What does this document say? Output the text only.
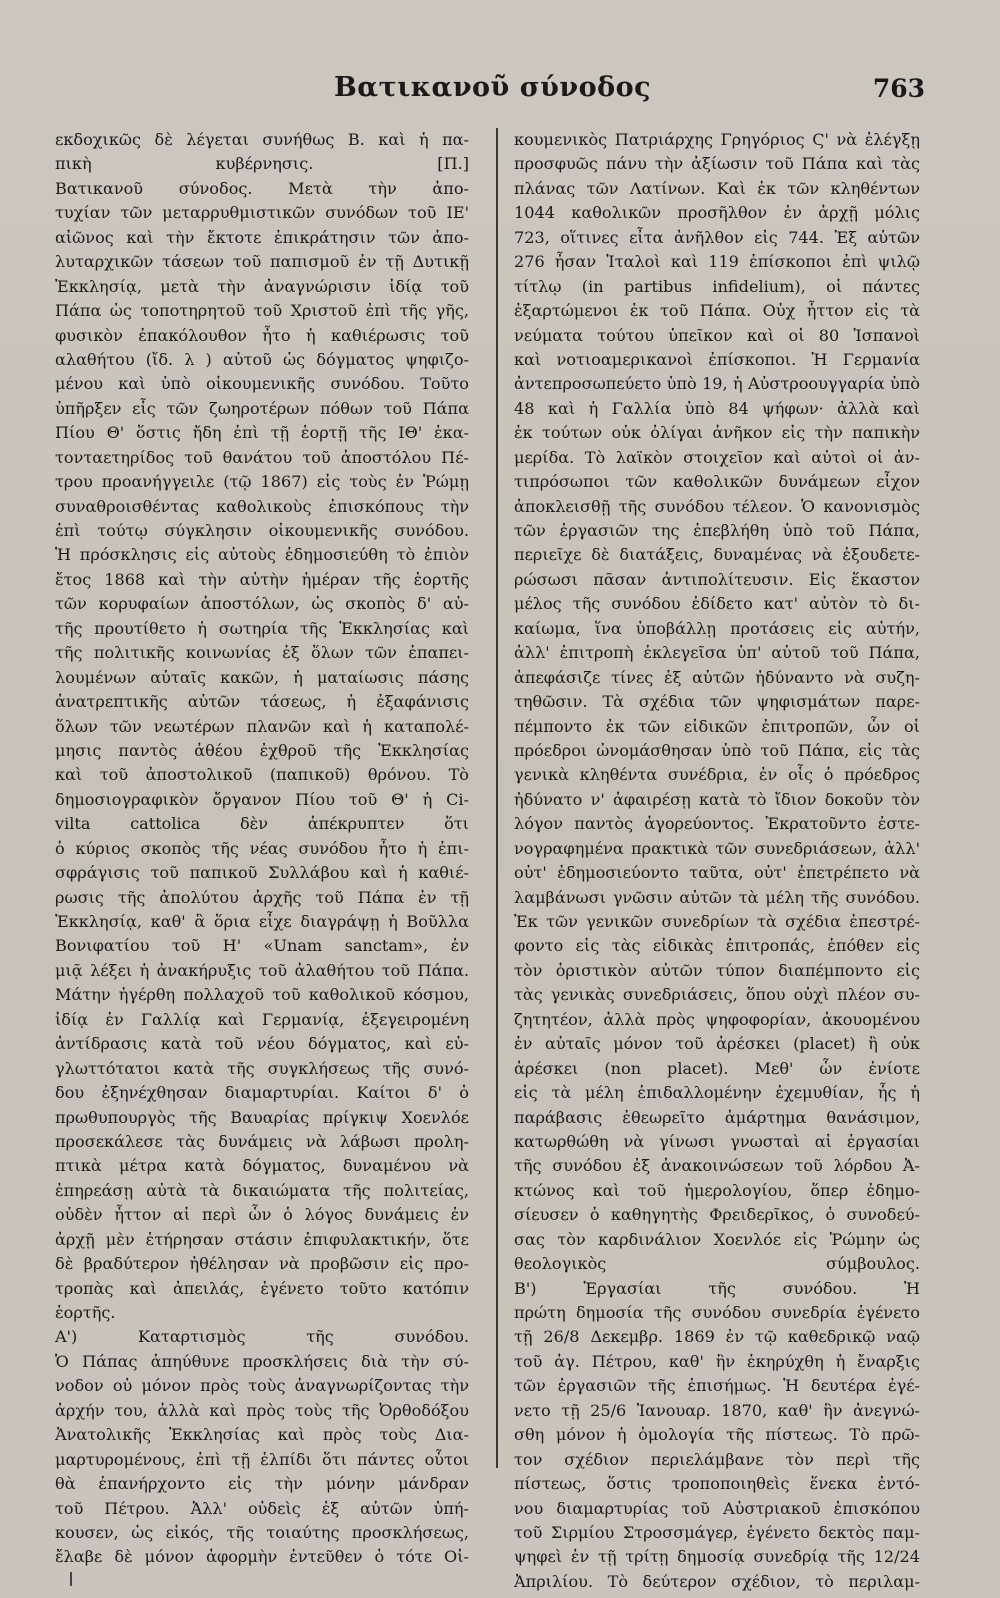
Βατικανοῦ σύνοδος	763
εκδοχικῶς δὲ λέγεται συνήθως Β. καὶ ἡ πα-
πικὴ κυβέρνησις. [Π.]
Βατικανοῦ σύνοδος. Μετὰ τὴν ἀπο-
τυχίαν τῶν μεταρρυθμιστικῶν συνόδων τοῦ ΙΕ'
αἰῶνος καὶ τὴν ἔκτοτε ἐπικράτησιν τῶν ἀπο-
λυταρχικῶν τάσεων τοῦ παπισμοῦ ἐν τῇ Δυτικῇ
Ἐκκλησίᾳ, μετὰ τὴν ἀναγνώρισιν ἰδίᾳ τοῦ
Πάπα ὡς τοποτηρητοῦ τοῦ Χριστοῦ ἐπὶ τῆς γῆς,
φυσικὸν ἐπακόλουθον ἦτο ἡ καθιέρωσις τοῦ
αλαθήτου (ἴδ. λ ) αὐτοῦ ὡς δόγματος ψηφιζο-
μένου καὶ ὑπὸ οἰκουμενικῆς συνόδου. Τοῦτο
ὑπῆρξεν εἷς τῶν ζωηροτέρων πόθων τοῦ Πάπα
Πίου Θ' ὅστις ἤδη ἐπὶ τῇ ἑορτῇ τῆς ΙΘ' ἑκα-
τονταετηρίδος τοῦ θανάτου τοῦ ἀποστόλου Πέ-
τρου προανήγγειλε (τῷ 1867) εἰς τοὺς ἐν Ῥώμῃ
συναθροισθέντας καθολικοὺς ἐπισκόπους τὴν
ἐπὶ τούτῳ σύγκλησιν οἰκουμενικῆς συνόδου.
Ἡ πρόσκλησις εἰς αὐτοὺς ἐδημοσιεύθη τὸ ἐπιὸν
ἔτος 1868 καὶ τὴν αὐτὴν ἡμέραν τῆς ἑορτῆς
τῶν κορυφαίων ἀποστόλων, ὡς σκοπὸς δ' αὐ-
τῆς προυτίθετο ἡ σωτηρία τῆς Ἐκκλησίας καὶ
τῆς πολιτικῆς κοινωνίας ἐξ ὅλων τῶν ἐπαπει-
λουμένων αὐταῖς κακῶν, ἡ ματαίωσις πάσης
ἀνατρεπτικῆς αὐτῶν τάσεως, ἡ ἐξαφάνισις
ὅλων τῶν νεωτέρων πλανῶν καὶ ἡ καταπολέ-
μησις παντὸς ἀθέου ἐχθροῦ τῆς Ἐκκλησίας
καὶ τοῦ ἀποστολικοῦ (παπικοῦ) θρόνου. Τὸ
δημοσιογραφικὸν ὄργανον Πίου τοῦ Θ' ἡ Ci-
vilta cattolica δὲν ἀπέκρυπτεν ὅτι
ὁ κύριος σκοπὸς τῆς νέας συνόδου ἦτο ἡ ἐπι-
σφράγισις τοῦ παπικοῦ Συλλάβου καὶ ἡ καθιέ-
ρωσις τῆς ἀπολύτου ἀρχῆς τοῦ Πάπα ἐν τῇ
Ἐκκλησίᾳ, καθ' ἃ ὅρια εἶχε διαγράψῃ ἡ Βοῦλλα
Βονιφατίου τοῦ Η' «Unam sanctam», ἐν
μιᾷ λέξει ἡ ἀνακήρυξις τοῦ ἀλαθήτου τοῦ Πάπα.
Μάτην ἠγέρθη πολλαχοῦ τοῦ καθολικοῦ κόσμου,
ἰδίᾳ ἐν Γαλλίᾳ καὶ Γερμανίᾳ, ἐξεγειρομένη
ἀντίδρασις κατὰ τοῦ νέου δόγματος, καὶ εὐ-
γλωττότατοι κατὰ τῆς συγκλήσεως τῆς συνό-
δου ἐξηνέχθησαν διαμαρτυρίαι. Καίτοι δ' ὁ
πρωθυπουργὸς τῆς Βαυαρίας πρίγκιψ Χοενλόε
προσεκάλεσε τὰς δυνάμεις νὰ λάβωσι προλη-
πτικὰ μέτρα κατὰ δόγματος, δυναμένου νὰ
ἐπηρεάσῃ αὐτὰ τὰ δικαιώματα τῆς πολιτείας,
οὐδὲν ἧττον αἱ περὶ ὧν ὁ λόγος δυνάμεις ἐν
ἀρχῇ μὲν ἐτήρησαν στάσιν ἐπιφυλακτικήν, ὅτε
δὲ βραδύτερον ἠθέλησαν νὰ προβῶσιν εἰς προ-
τροπὰς καὶ ἀπειλάς, ἐγένετο τοῦτο κατόπιν
ἑορτῆς.
Α') Καταρτισμὸς τῆς συνόδου.
Ὁ Πάπας ἀπηύθυνε προσκλήσεις διὰ τὴν σύ-
νοδον οὐ μόνον πρὸς τοὺς ἀναγνωρίζοντας τὴν
ἀρχήν του, ἀλλὰ καὶ πρὸς τοὺς τῆς Ὀρθοδόξου
Ἀνατολικῆς Ἐκκλησίας καὶ πρὸς τοὺς Δια-
μαρτυρομένους, ἐπὶ τῇ ἐλπίδι ὅτι πάντες οὗτοι
θὰ ἐπανήρχοντο εἰς τὴν μόνην μάνδραν
τοῦ Πέτρου. Ἀλλ' οὐδεὶς ἐξ αὐτῶν ὑπή-
κουσεν, ὡς εἰκός, τῆς τοιαύτης προσκλήσεως,
ἔλαβε δὲ μόνον ἀφορμὴν ἐντεῦθεν ὁ τότε Οἰ-
κουμενικὸς Πατριάρχης Γρηγόριος Ϛ' νὰ ἐλέγξῃ
προσφυῶς πάνυ τὴν ἀξίωσιν τοῦ Πάπα καὶ τὰς
πλάνας τῶν Λατίνων. Καὶ ἐκ τῶν κληθέντων
1044 καθολικῶν προσῆλθον ἐν ἀρχῇ μόλις
723, οἵτινες εἶτα ἀνῆλθον εἰς 744. Ἐξ αὐτῶν
276 ἦσαν Ἰταλοὶ καὶ 119 ἐπίσκοποι ἐπὶ ψιλῷ
τίτλῳ (in partibus infidelium), οἱ πάντες
ἐξαρτώμενοι ἐκ τοῦ Πάπα. Οὐχ ἧττον εἰς τὰ
νεύματα τούτου ὑπεῖκον καὶ οἱ 80 Ἱσπανοὶ
καὶ νοτιοαμερικανοὶ ἐπίσκοποι. Ἡ Γερμανία
ἀντεπροσωπεύετο ὑπὸ 19, ἡ Αὐστροουγγαρία ὑπὸ
48 καὶ ἡ Γαλλία ὑπὸ 84 ψήφων· ἀλλὰ καὶ
ἐκ τούτων οὐκ ὀλίγαι ἀνῆκον εἰς τὴν παπικὴν
μερίδα. Τὸ λαϊκὸν στοιχεῖον καὶ αὐτοὶ οἱ ἀν-
τιπρόσωποι τῶν καθολικῶν δυνάμεων εἶχον
ἀποκλεισθῇ τῆς συνόδου τέλεον. Ὁ κανονισμὸς
τῶν ἐργασιῶν της ἐπεβλήθη ὑπὸ τοῦ Πάπα,
περιεῖχε δὲ διατάξεις, δυναμένας νὰ ἐξουδετε-
ρώσωσι πᾶσαν ἀντιπολίτευσιν. Εἰς ἕκαστον
μέλος τῆς συνόδου ἐδίδετο κατ' αὐτὸν τὸ δι-
καίωμα, ἵνα ὑποβάλλῃ προτάσεις εἰς αὐτήν,
ἀλλ' ἐπιτροπὴ ἐκλεγεῖσα ὑπ' αὐτοῦ τοῦ Πάπα,
ἀπεφάσιζε τίνες ἐξ αὐτῶν ἠδύναντο νὰ συζη-
τηθῶσιν. Τὰ σχέδια τῶν ψηφισμάτων παρε-
πέμποντο ἐκ τῶν εἰδικῶν ἐπιτροπῶν, ὧν οἱ
πρόεδροι ὠνομάσθησαν ὑπὸ τοῦ Πάπα, εἰς τὰς
γενικὰ κληθέντα συνέδρια, ἐν οἷς ὁ πρόεδρος
ἠδύνατο ν' ἀφαιρέσῃ κατὰ τὸ ἴδιον δοκοῦν τὸν
λόγον παντὸς ἀγορεύοντος. Ἐκρατοῦντο ἐστε-
νογραφημένα πρακτικὰ τῶν συνεδριάσεων, ἀλλ'
οὐτ' ἐδημοσιεύοντο ταῦτα, οὐτ' ἐπετρέπετο νὰ
λαμβάνωσι γνῶσιν αὐτῶν τὰ μέλη τῆς συνόδου.
Ἐκ τῶν γενικῶν συνεδρίων τὰ σχέδια ἐπεστρέ-
φοντο εἰς τὰς εἰδικὰς ἐπιτροπάς, ἐπόθεν εἰς
τὸν ὁριστικὸν αὐτῶν τύπον διαπέμποντο εἰς
τὰς γενικὰς συνεδριάσεις, ὅπου οὐχὶ πλέον συ-
ζητητέον, ἀλλὰ πρὸς ψηφοφορίαν, ἀκουομένου
ἐν αὐταῖς μόνον τοῦ ἀρέσκει (placet) ἢ οὐκ
ἀρέσκει (non placet). Μεθ' ὧν ἐνίοτε
εἰς τὰ μέλη ἐπιδαλλομένην ἐχεμυθίαν, ἧς ἡ
παράβασις ἐθεωρεῖτο ἁμάρτημα θανάσιμον,
κατωρθώθη νὰ γίνωσι γνωσταὶ αἱ ἐργασίαι
τῆς συνόδου ἐξ ἀνακοινώσεων τοῦ λόρδου Ἀ-
κτώνος καὶ τοῦ ἡμερολογίου, ὅπερ ἐδημο-
σίευσεν ὁ καθηγητὴς Φρειδερῖκος, ὁ συνοδεύ-
σας τὸν καρδινάλιον Χοενλόε εἰς Ῥώμην ὡς
θεολογικὸς σύμβουλος.
Β') Ἐργασίαι τῆς συνόδου. Ἡ
πρώτη δημοσία τῆς συνόδου συνεδρία ἐγένετο
τῇ 26/8 Δεκεμβρ. 1869 ἐν τῷ καθεδρικῷ ναῷ
τοῦ ἁγ. Πέτρου, καθ' ἣν ἐκηρύχθη ἡ ἔναρξις
τῶν ἐργασιῶν τῆς ἐπισήμως. Ἡ δευτέρα ἐγέ-
νετο τῇ 25/6 Ἰανουαρ. 1870, καθ' ἣν ἀνεγνώ-
σθη μόνον ἡ ὁμολογία τῆς πίστεως. Τὸ πρῶ-
τον σχέδιον περιελάμβανε τὸν περὶ τῆς
πίστεως, ὅστις τροποποιηθεὶς ἕνεκα ἐντό-
νου διαμαρτυρίας τοῦ Αὐστριακοῦ ἐπισκόπου
τοῦ Σιρμίου Στροσσμάγερ, ἐγένετο δεκτὸς παμ-
ψηφεὶ ἐν τῇ τρίτῃ δημοσίᾳ συνεδρίᾳ τῆς 12/24
Ἀπριλίου. Τὸ δεύτερον σχέδιον, τὸ περιλαμ-
